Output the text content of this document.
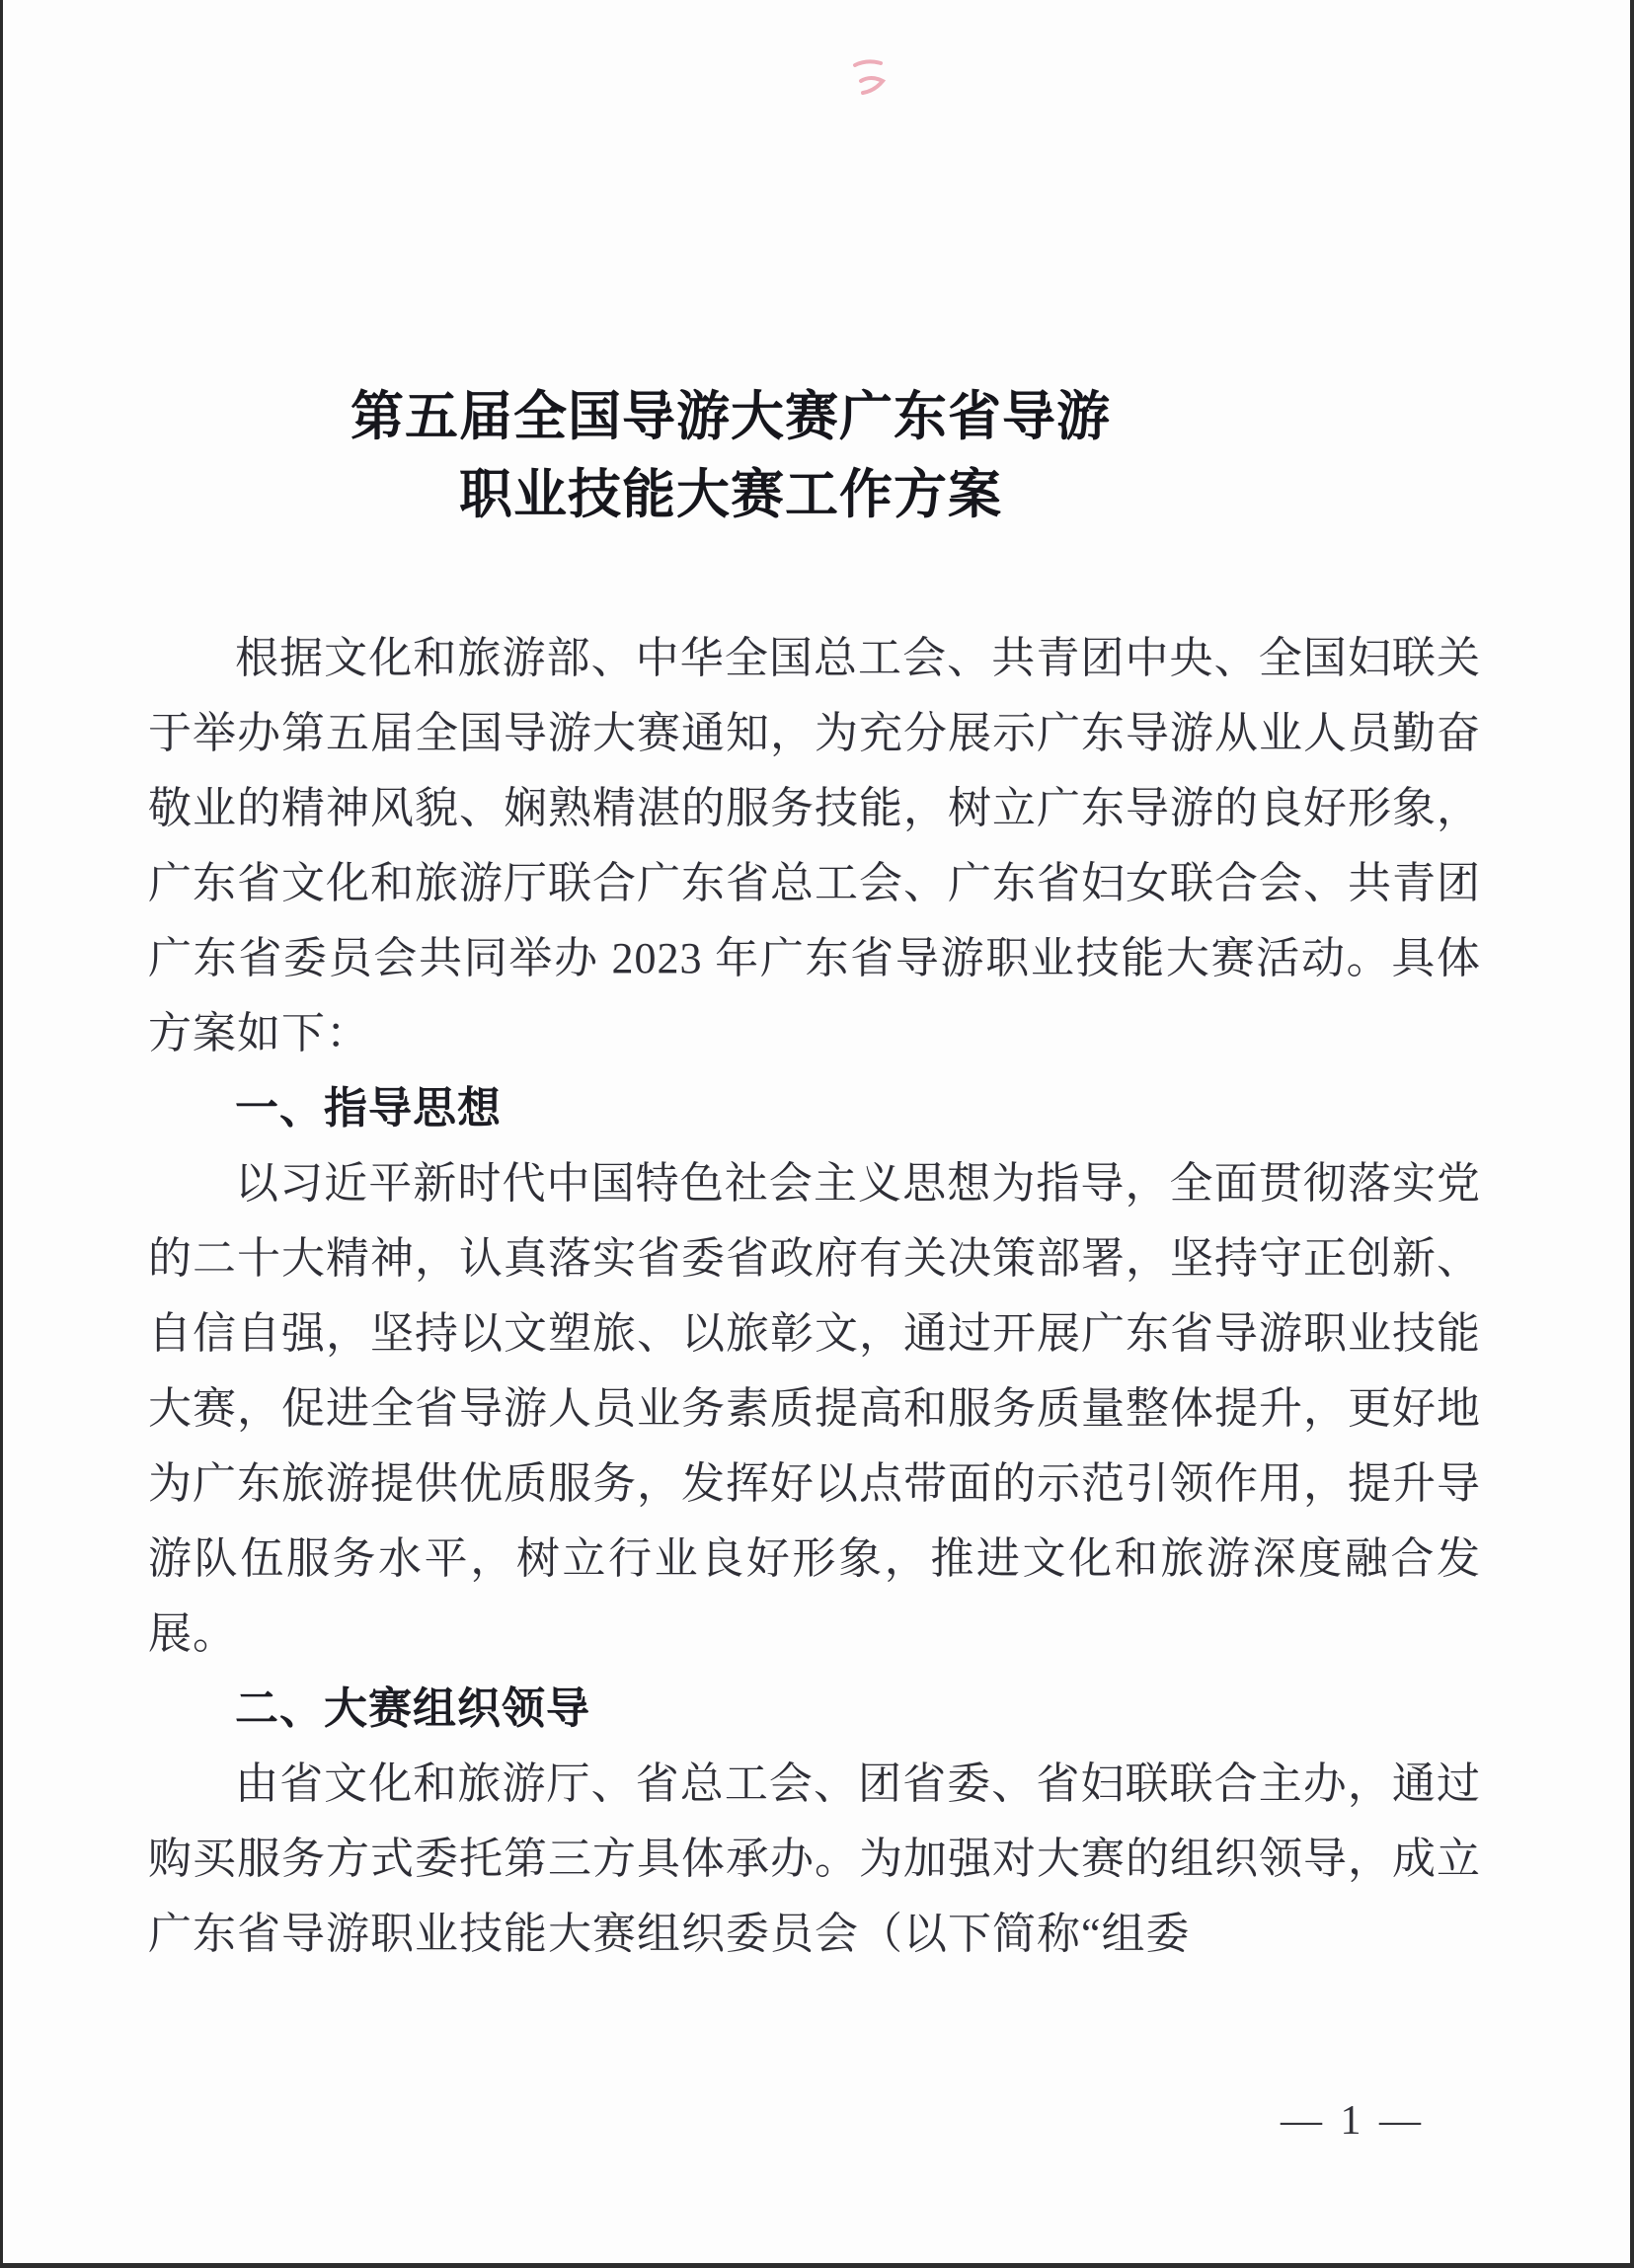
第五届全国导游大赛广东省导游
职业技能大赛工作方案

根据文化和旅游部、中华全国总工会、共青团中央、全国妇联关于举办第五届全国导游大赛通知，为充分展示广东导游从业人员勤奋敬业的精神风貌、娴熟精湛的服务技能，树立广东导游的良好形象，广东省文化和旅游厅联合广东省总工会、广东省妇女联合会、共青团广东省委员会共同举办 2023 年广东省导游职业技能大赛活动。具体方案如下：

一、指导思想

以习近平新时代中国特色社会主义思想为指导，全面贯彻落实党的二十大精神，认真落实省委省政府有关决策部署，坚持守正创新、自信自强，坚持以文塑旅、以旅彰文，通过开展广东省导游职业技能大赛，促进全省导游人员业务素质提高和服务质量整体提升，更好地为广东旅游提供优质服务，发挥好以点带面的示范引领作用，提升导游队伍服务水平，树立行业良好形象，推进文化和旅游深度融合发展。

二、大赛组织领导

由省文化和旅游厅、省总工会、团省委、省妇联联合主办，通过购买服务方式委托第三方具体承办。为加强对大赛的组织领导，成立广东省导游职业技能大赛组织委员会（以下简称“组委

— 1 —
